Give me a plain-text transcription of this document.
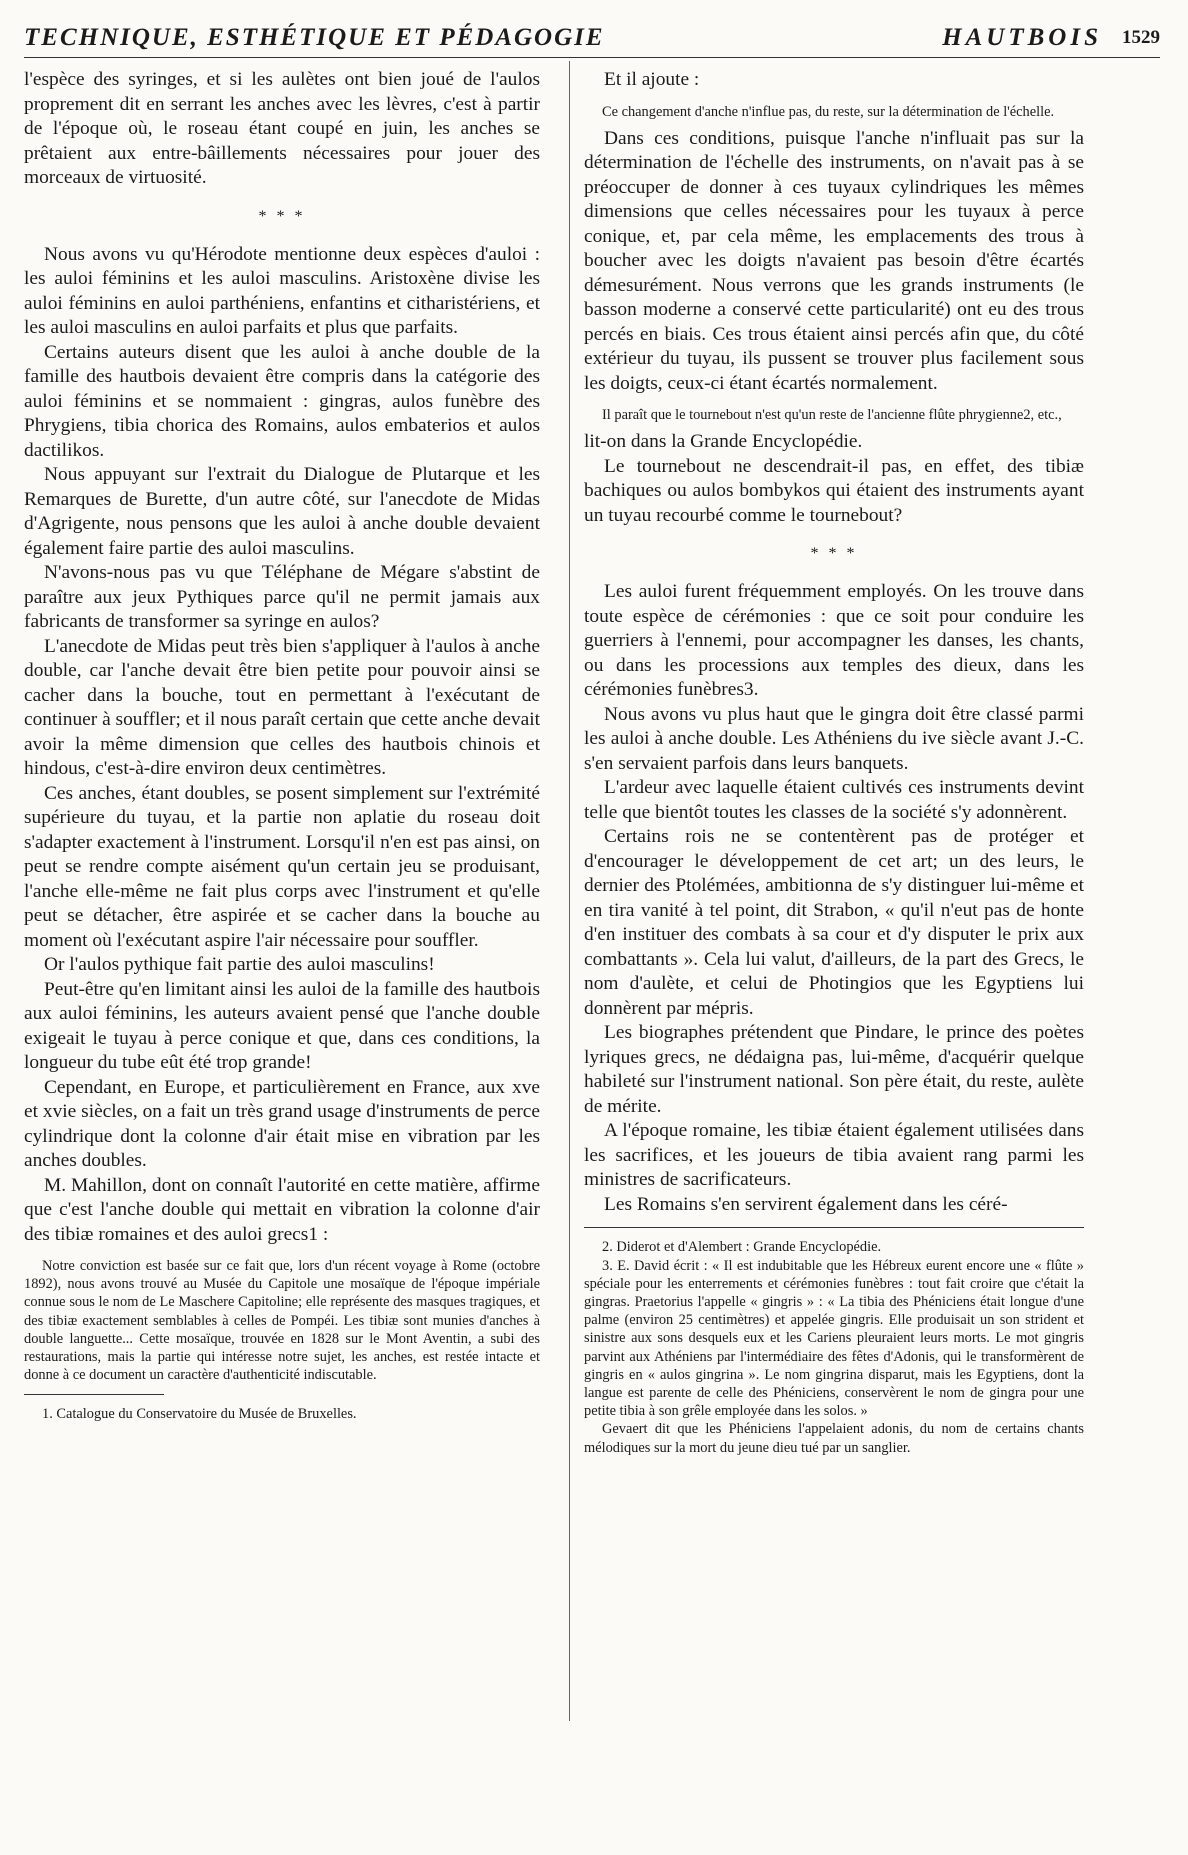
TECHNIQUE, ESTHÉTIQUE ET PÉDAGOGIE	HAUTBOIS 1529

l'espèce des syringes, et si les aulètes ont bien joué de l'aulos proprement dit en serrant les anches avec les lèvres, c'est à partir de l'époque où, le roseau étant coupé en juin, les anches se prêtaient aux entre-bâillements nécessaires pour jouer des morceaux de virtuosité.

* * *

Nous avons vu qu'Hérodote mentionne deux espèces d'auloi : les auloi féminins et les auloi masculins. Aristoxène divise les auloi féminins en auloi parthéniens, enfantins et citharistériens, et les auloi masculins en auloi parfaits et plus que parfaits.

Certains auteurs disent que les auloi à anche double de la famille des hautbois devaient être compris dans la catégorie des auloi féminins et se nommaient : gingras, aulos funèbre des Phrygiens, tibia chorica des Romains, aulos embaterios et aulos dactilikos.

Nous appuyant sur l'extrait du Dialogue de Plutarque et les Remarques de Burette, d'un autre côté, sur l'anecdote de Midas d'Agrigente, nous pensons que les auloi à anche double devaient également faire partie des auloi masculins.

N'avons-nous pas vu que Téléphane de Mégare s'abstint de paraître aux jeux Pythiques parce qu'il ne permit jamais aux fabricants de transformer sa syringe en aulos?

L'anecdote de Midas peut très bien s'appliquer à l'aulos à anche double, car l'anche devait être bien petite pour pouvoir ainsi se cacher dans la bouche, tout en permettant à l'exécutant de continuer à souffler; et il nous paraît certain que cette anche devait avoir la même dimension que celles des hautbois chinois et hindous, c'est-à-dire environ deux centimètres.

Ces anches, étant doubles, se posent simplement sur l'extrémité supérieure du tuyau, et la partie non aplatie du roseau doit s'adapter exactement à l'instrument. Lorsqu'il n'en est pas ainsi, on peut se rendre compte aisément qu'un certain jeu se produisant, l'anche elle-même ne fait plus corps avec l'instrument et qu'elle peut se détacher, être aspirée et se cacher dans la bouche au moment où l'exécutant aspire l'air nécessaire pour souffler.

Or l'aulos pythique fait partie des auloi masculins!

Peut-être qu'en limitant ainsi les auloi de la famille des hautbois aux auloi féminins, les auteurs avaient pensé que l'anche double exigeait le tuyau à perce conique et que, dans ces conditions, la longueur du tube eût été trop grande!

Cependant, en Europe, et particulièrement en France, aux xve et xvie siècles, on a fait un très grand usage d'instruments de perce cylindrique dont la colonne d'air était mise en vibration par les anches doubles.

M. Mahillon, dont on connaît l'autorité en cette matière, affirme que c'est l'anche double qui mettait en vibration la colonne d'air des tibiæ romaines et des auloi grecs1 :

Notre conviction est basée sur ce fait que, lors d'un récent voyage à Rome (octobre 1892), nous avons trouvé au Musée du Capitole une mosaïque de l'époque impériale connue sous le nom de Le Maschere Capitoline; elle représente des masques tragiques, et des tibiæ exactement semblables à celles de Pompéi. Les tibiæ sont munies d'anches à double languette... Cette mosaïque, trouvée en 1828 sur le Mont Aventin, a subi des restaurations, mais la partie qui intéresse notre sujet, les anches, est restée intacte et donne à ce document un caractère d'authenticité indiscutable.

1. Catalogue du Conservatoire du Musée de Bruxelles.

Et il ajoute :

Ce changement d'anche n'influe pas, du reste, sur la détermination de l'échelle.

Dans ces conditions, puisque l'anche n'influait pas sur la détermination de l'échelle des instruments, on n'avait pas à se préoccuper de donner à ces tuyaux cylindriques les mêmes dimensions que celles nécessaires pour les tuyaux à perce conique, et, par cela même, les emplacements des trous à boucher avec les doigts n'avaient pas besoin d'être écartés démesurément. Nous verrons que les grands instruments (le basson moderne a conservé cette particularité) ont eu des trous percés en biais. Ces trous étaient ainsi percés afin que, du côté extérieur du tuyau, ils pussent se trouver plus facilement sous les doigts, ceux-ci étant écartés normalement.

Il paraît que le tournebout n'est qu'un reste de l'ancienne flûte phrygienne2, etc.,

lit-on dans la Grande Encyclopédie.

Le tournebout ne descendrait-il pas, en effet, des tibiæ bachiques ou aulos bombykos qui étaient des instruments ayant un tuyau recourbé comme le tournebout?

* * *

Les auloi furent fréquemment employés. On les trouve dans toute espèce de cérémonies : que ce soit pour conduire les guerriers à l'ennemi, pour accompagner les danses, les chants, ou dans les processions aux temples des dieux, dans les cérémonies funèbres3.

Nous avons vu plus haut que le gingra doit être classé parmi les auloi à anche double. Les Athéniens du ive siècle avant J.-C. s'en servaient parfois dans leurs banquets.

L'ardeur avec laquelle étaient cultivés ces instruments devint telle que bientôt toutes les classes de la société s'y adonnèrent.

Certains rois ne se contentèrent pas de protéger et d'encourager le développement de cet art; un des leurs, le dernier des Ptolémées, ambitionna de s'y distinguer lui-même et en tira vanité à tel point, dit Strabon, « qu'il n'eut pas de honte d'en instituer des combats à sa cour et d'y disputer le prix aux combattants ». Cela lui valut, d'ailleurs, de la part des Grecs, le nom d'aulète, et celui de Photingios que les Egyptiens lui donnèrent par mépris.

Les biographes prétendent que Pindare, le prince des poètes lyriques grecs, ne dédaigna pas, lui-même, d'acquérir quelque habileté sur l'instrument national. Son père était, du reste, aulète de mérite.

A l'époque romaine, les tibiæ étaient également utilisées dans les sacrifices, et les joueurs de tibia avaient rang parmi les ministres de sacrificateurs.

Les Romains s'en servirent également dans les céré-

2. Diderot et d'Alembert : Grande Encyclopédie.

3. E. David écrit : « Il est indubitable que les Hébreux eurent encore une « flûte » spéciale pour les enterrements et cérémonies funèbres : tout fait croire que c'était la gingras. Praetorius l'appelle « gingris » : « La tibia des Phéniciens était longue d'une palme (environ 25 centimètres) et appelée gingris. Elle produisait un son strident et sinistre aux sons desquels eux et les Cariens pleuraient leurs morts. Le mot gingris parvint aux Athéniens par l'intermédiaire des fêtes d'Adonis, qui le transformèrent de gingris en « aulos gingrina ». Le nom gingrina disparut, mais les Egyptiens, dont la langue est parente de celle des Phéniciens, conservèrent le nom de gingra pour une petite tibia à son grêle employée dans les solos. »

Gevaert dit que les Phéniciens l'appelaient adonis, du nom de certains chants mélodiques sur la mort du jeune dieu tué par un sanglier.
